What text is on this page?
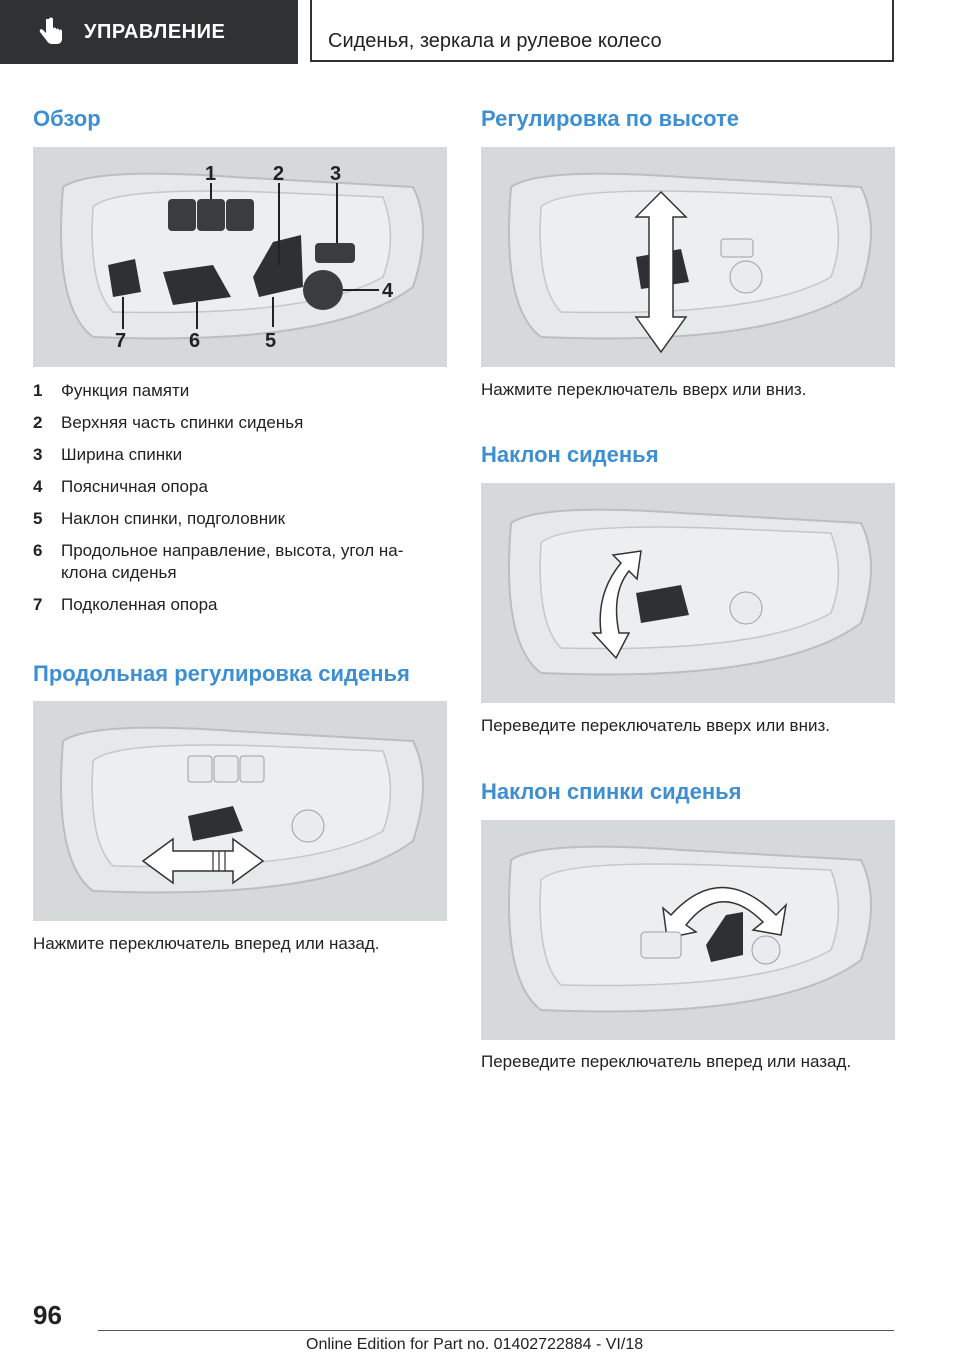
УПРАВЛЕНИЕ	Сиденья, зеркала и рулевое колесо
Обзор
1	2 3
4
5
6
7
1	Функция памяти
2	Верхняя часть спинки сиденья
3	Ширина спинки
4	Поясничная опора
5	Наклон спинки, подголовник
6	Продольное направление, высота, угол на-клона сиденья
7	Подколенная опора
Продольная регулировка сиденья

Нажмите переключатель вперед или назад.

Регулировка по высоте

Нажмите переключатель вверх или вниз.

Наклон сиденья

Переведите переключатель вверх или вниз.

Наклон спинки сиденья

Переведите переключатель вперед или назад.

96
Online Edition for Part no. 01402722884 - VI/18
